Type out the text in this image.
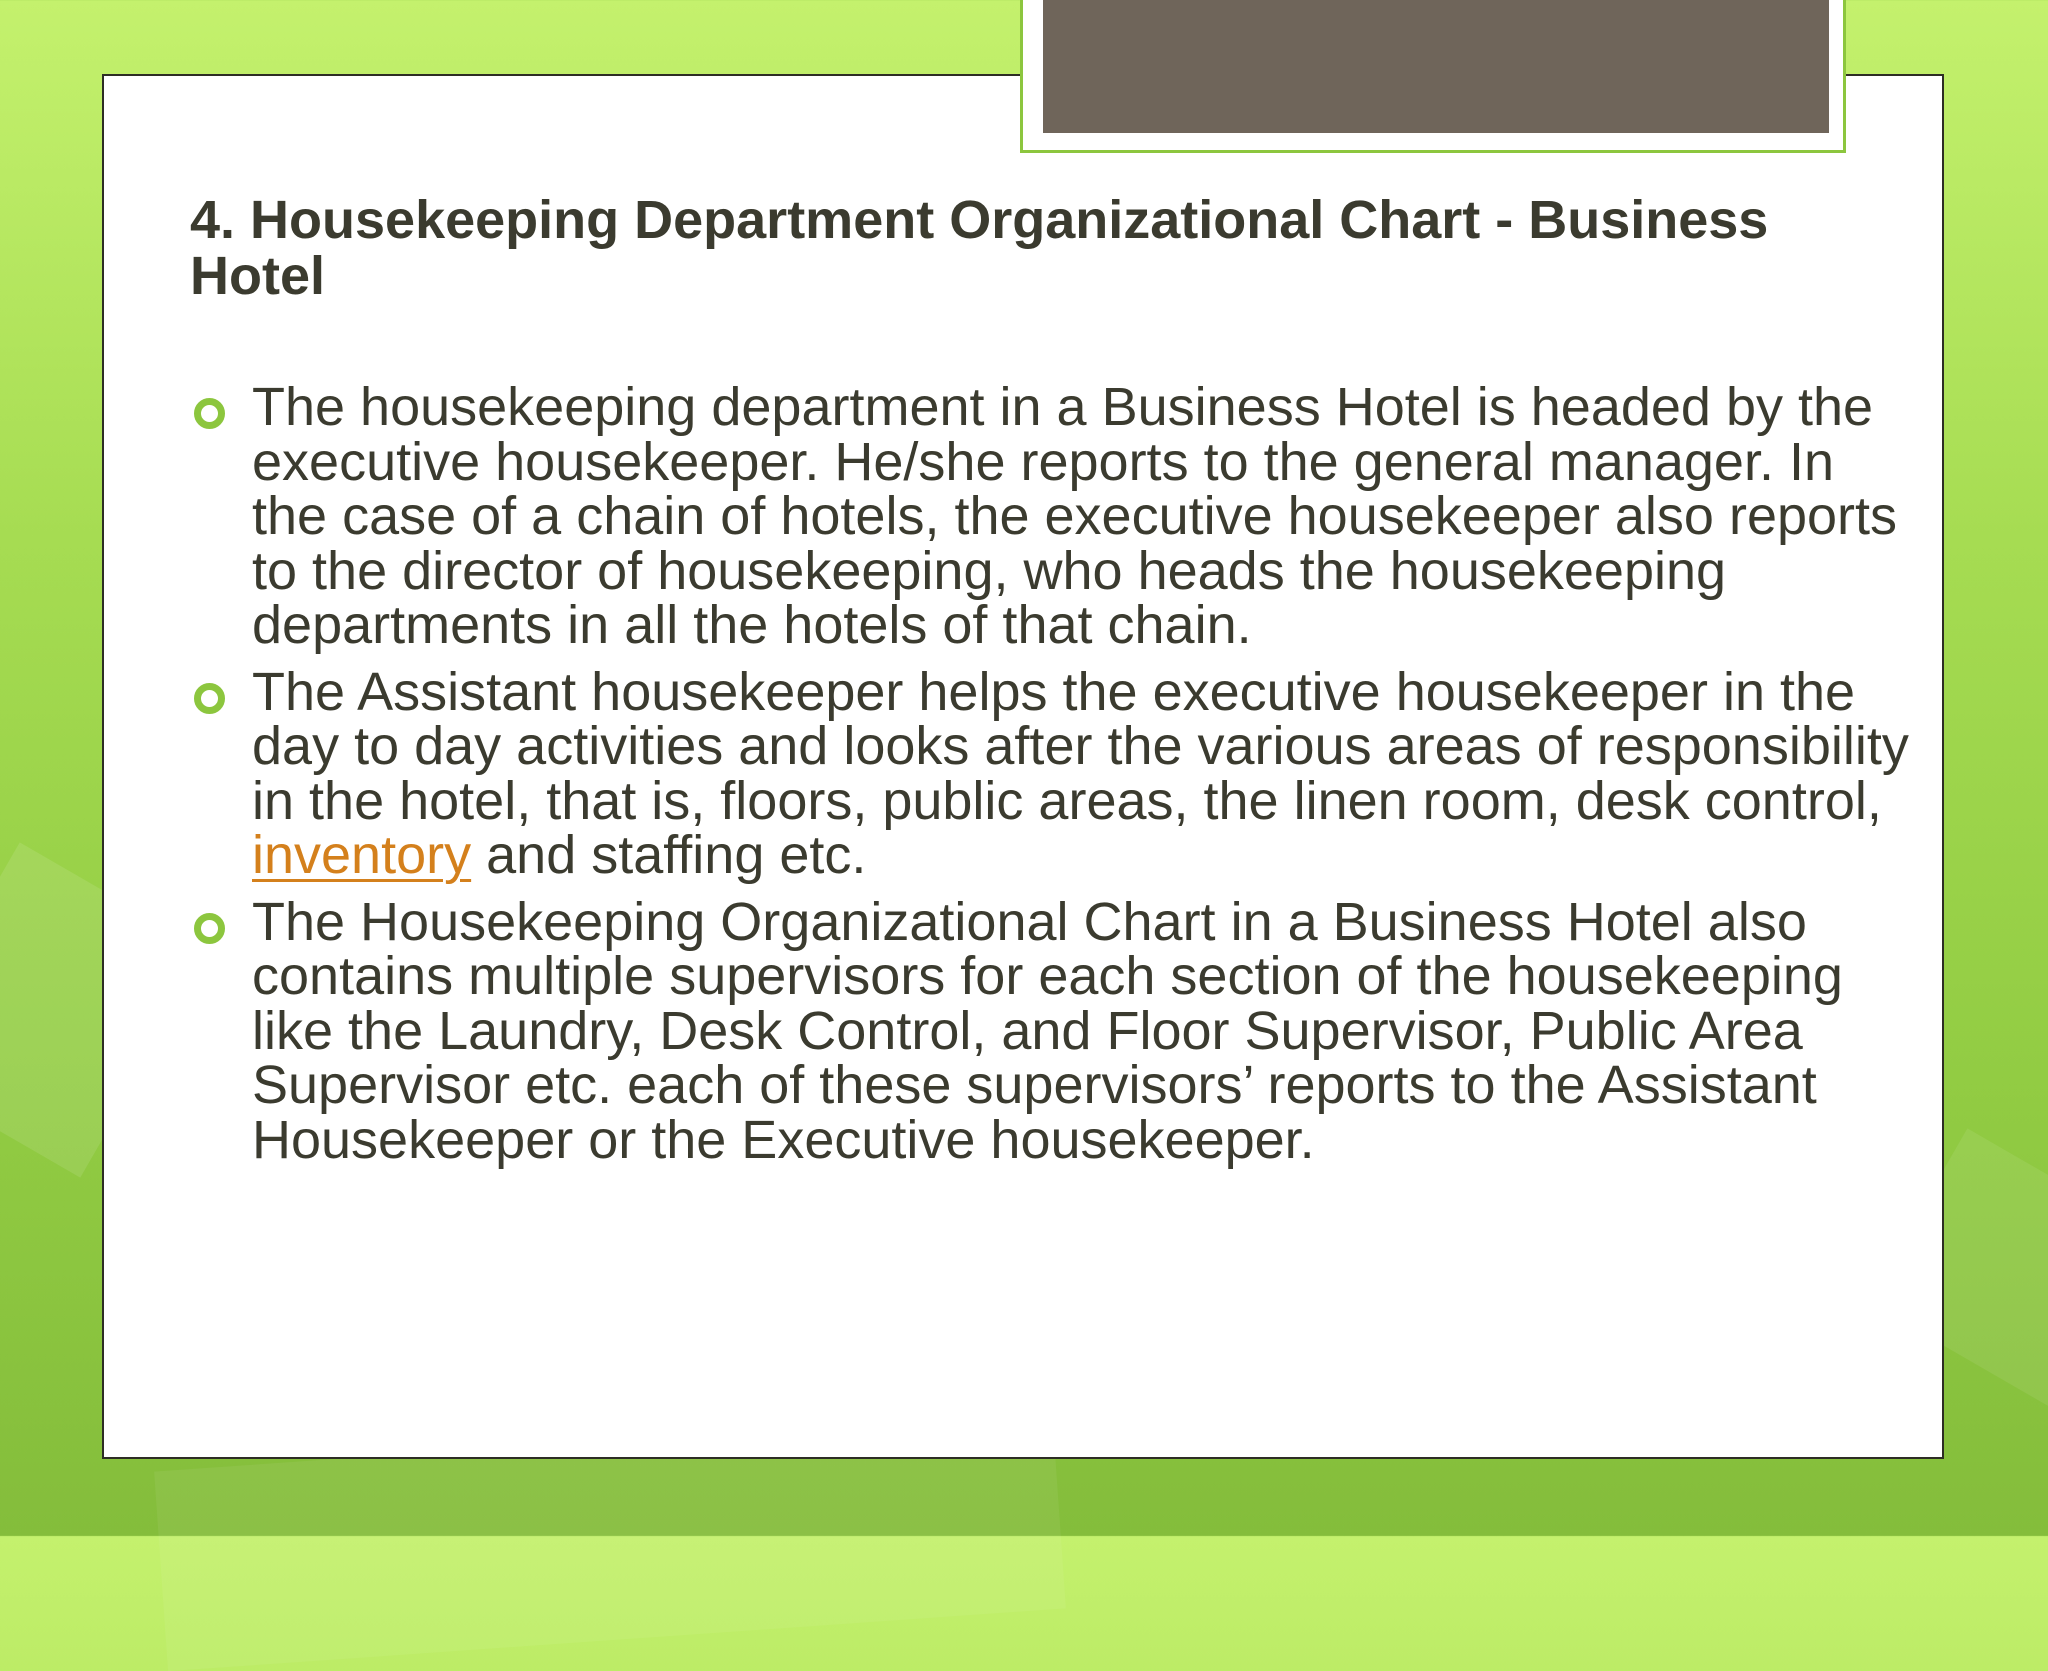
4. Housekeeping Department Organizational Chart - Business Hotel
The housekeeping department in a Business Hotel is headed by the executive housekeeper. He/she reports to the general manager. In the case of a chain of hotels, the executive housekeeper also reports to the director of housekeeping, who heads the housekeeping departments in all the hotels of that chain.
The Assistant housekeeper helps the executive housekeeper in the day to day activities and looks after the various areas of responsibility in the hotel, that is, floors, public areas, the linen room, desk control, inventory and staffing etc.
The Housekeeping Organizational Chart in a Business Hotel also contains multiple supervisors for each section of the housekeeping like the Laundry, Desk Control, and Floor Supervisor, Public Area Supervisor etc. each of these supervisors’ reports to the Assistant Housekeeper or the Executive housekeeper.
